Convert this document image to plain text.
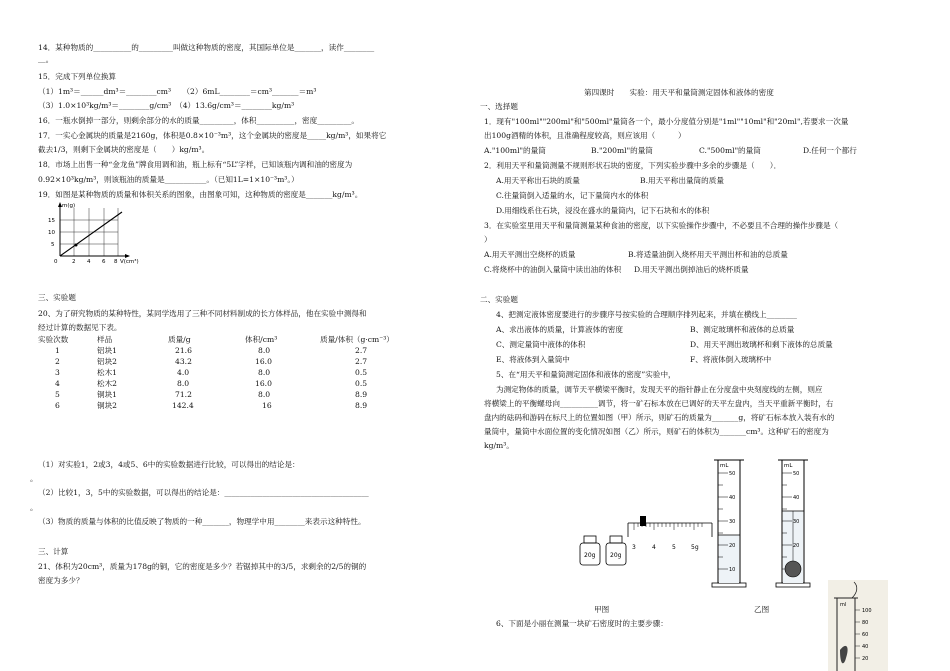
14．某种物质的__________的_________叫做这种物质的密度，其国际单位是_______，读作________
＿。
15．完成下列单位换算
（1）1m³＝______dm³＝________cm³　　（2）6mL________＝cm³_______＝m³
（3）1.0×10³kg/m³＝________g/cm³　（4）13.6g/cm³＝________kg/m³
16．一瓶水倒掉一部分，则剩余部分的水的质量_________，体积__________，密度_________。
17．一实心金属块的质量是2160g，体积是0.8×10⁻³m³，这个金属块的密度是_____kg/m³，如果将它
截去1/3，则剩下金属块的密度是（　　）kg/m³。
18．市场上出售一种“金龙鱼”牌食用调和油，瓶上标有“5L”字样，已知该瓶内调和油的密度为
0.92×10³kg/m³，则该瓶油的质量是___________。（已知1L=1×10⁻³m³。）
19．如图是某种物质的质量和体积关系的图象，由图象可知，这种物质的密度是_______kg/m³。
m(g)
15
10
5
0	2 4 6 8 V(cm³)
三、实验题
20、为了研究物质的某种特性，某同学选用了三种不同材料制成的长方体样品，他在实验中测得和
经过计算的数据见下表。
实验次数	样品	质量/g	体积/cm³	质量/体积（g·cm⁻³）
1	铝块1	21.6	8.0	2.7
2	铝块2	43.2	16.0	2.7
3	松木1	4.0	8.0	0.5
4	松木2	8.0	16.0	0.5
5	铜块1	71.2	8.0	8.9
6	铜块2	142.4	16	8.9
（1）对实验1，2或3，4或5、6中的实验数据进行比较，可以得出的结论是：
。
（2）比较1，3，5中的实验数据，可以得出的结论是：______________________________________
。
（3）物质的质量与体积的比值反映了物质的一种_______，物理学中用________来表示这种特性。
三、计算
21、体积为20cm³，质量为178g的铜，它的密度是多少？若锯掉其中的3/5，求剩余的2/5的铜的
密度为多少？
第四课时　　实验：用天平和量筒测定固体和液体的密度
一、选择题
1．现有"100ml""200ml"和"500ml"量筒各一个，最小分度值分别是"1ml""10ml"和"20ml",若要求一次量
出100g酒精的体积，且准确程度较高，则应该用（　　　）
A."100ml"的量筒	B."200ml"的量筒	C."500ml"的量筒	D.任何一个都行
2．利用天平和量筒测量不规则形状石块的密度，下列实验步骤中多余的步骤是（　　）．
A.用天平称出石块的质量	B.用天平称出量筒的质量
C.往量筒倒入适量的水，记下量筒内水的体积
D.用细线系住石块，浸没在盛水的量筒内，记下石块和水的体积
3．在实验室里用天平和量筒测量某种食油的密度，以下实验操作步骤中，不必要且不合理的操作步骤是（
）
A.用天平测出空烧杯的质量	B.将适量油倒入烧杯用天平测出杯和油的总质量
C.将烧杯中的油倒入量筒中读出油的体积 D.用天平测出倒掉油后的烧杯质量
二、实验题
4、把测定液体密度要进行的步骤序号按实验的合理顺序排列起来，并填在横线上________
A、求出液体的质量，计算液体的密度	B、测定玻璃杯和液体的总质量
C、测定量筒中液体的体积	D、用天平测出玻璃杯和剩下液体的总质量
E、将液体到入量筒中	F、将液体倒入玻璃杯中
5、在“用天平和量筒测定固体和液体的密度”实验中，
为测定物体的质量，调节天平横梁平衡时，发现天平的指针静止在分度盘中央刻度线的左侧，则应
将横梁上的平衡螺母向__________调节，将一矿石标本放在已调好的天平左盘内，当天平重新平衡时，右
盘内的砝码和游码在标尺上的位置如图（甲）所示，则矿石的质量为_______g，将矿石标本放入装有水的
量筒中，量筒中水面位置的变化情况如图（乙）所示，则矿石的体积为_______cm³。这种矿石的密度为
kg/m³。
20g 20g
3	4	5	5g
甲图
mL
50
40
30
20
10
mL
50
40
30
20
乙图	ml
100
80
60
40
20
6、下面是小丽在测量一块矿石密度时的主要步骤：
